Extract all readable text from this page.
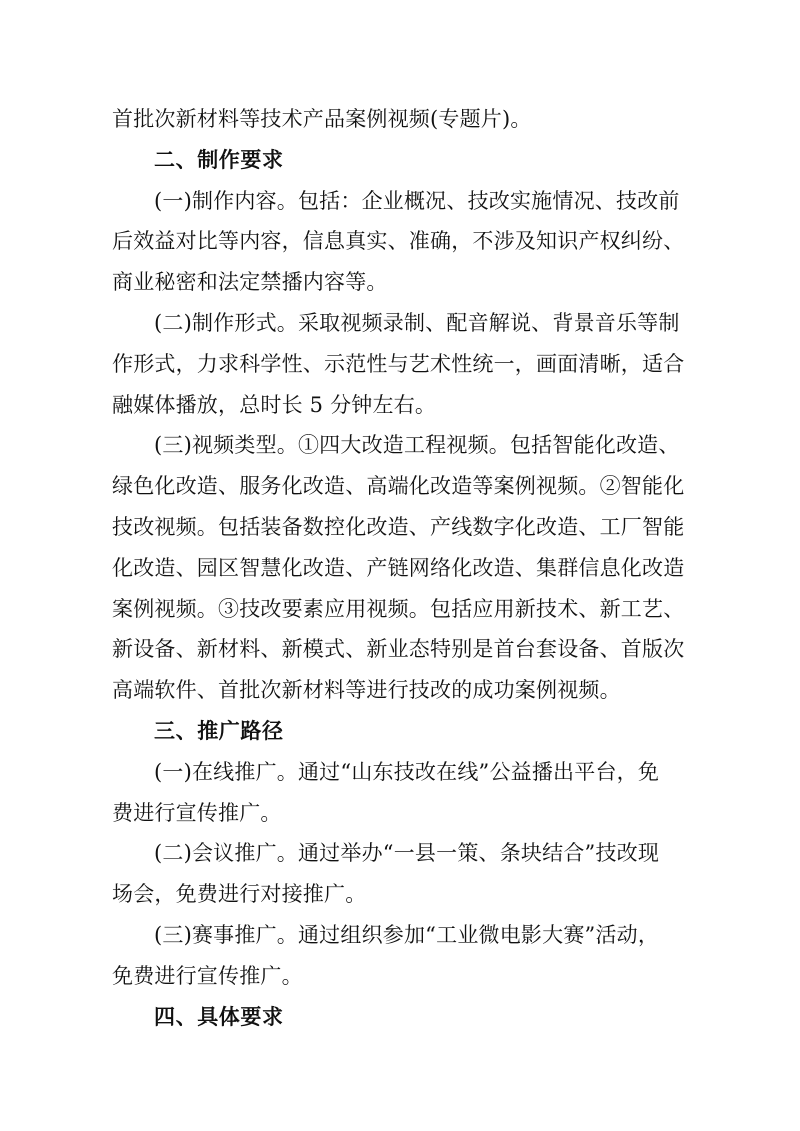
首批次新材料等技术产品案例视频(专题片)。
二、制作要求
(一)制作内容。包括：企业概况、技改实施情况、技改前
后效益对比等内容，信息真实、准确，不涉及知识产权纠纷、
商业秘密和法定禁播内容等。
(二)制作形式。采取视频录制、配音解说、背景音乐等制
作形式，力求科学性、示范性与艺术性统一，画面清晰，适合
融媒体播放，总时长 5 分钟左右。
(三)视频类型。①四大改造工程视频。包括智能化改造、
绿色化改造、服务化改造、高端化改造等案例视频。②智能化
技改视频。包括装备数控化改造、产线数字化改造、工厂智能
化改造、园区智慧化改造、产链网络化改造、集群信息化改造
案例视频。③技改要素应用视频。包括应用新技术、新工艺、
新设备、新材料、新模式、新业态特别是首台套设备、首版次
高端软件、首批次新材料等进行技改的成功案例视频。
三、推广路径
(一)在线推广。通过“山东技改在线”公益播出平台，免
费进行宣传推广。
(二)会议推广。通过举办“一县一策、条块结合”技改现
场会，免费进行对接推广。
(三)赛事推广。通过组织参加“工业微电影大赛”活动，
免费进行宣传推广。
四、具体要求
